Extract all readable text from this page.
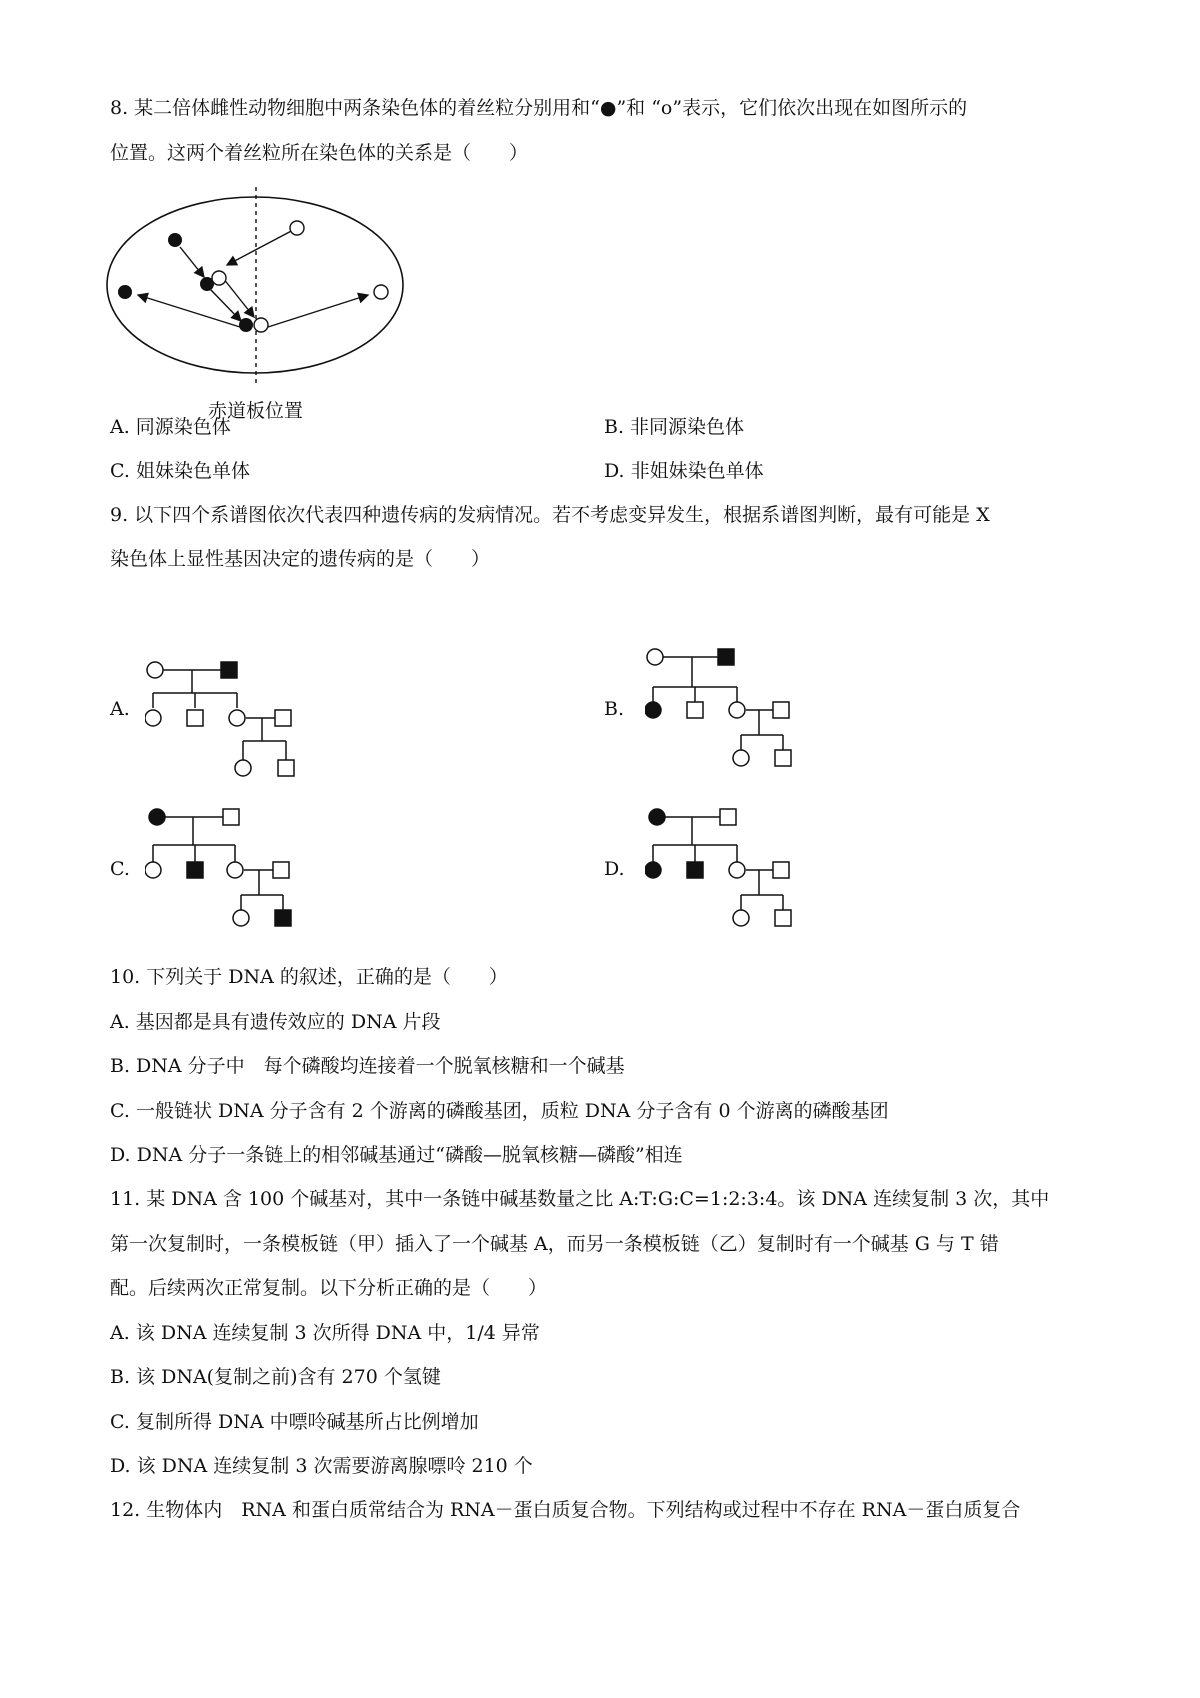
8. 某二倍体雌性动物细胞中两条染色体的着丝粒分别用和“●”和 “o”表示，它们依次出现在如图所示的
位置。这两个着丝粒所在染色体的关系是（　　）
赤道板位置
A. 同源染色体	B. 非同源染色体
C. 姐妹染色单体	D. 非姐妹染色单体
9. 以下四个系谱图依次代表四种遗传病的发病情况。若不考虑变异发生，根据系谱图判断，最有可能是 X
染色体上显性基因决定的遗传病的是（　　）
A.	B.
C.	D.
10. 下列关于 DNA 的叙述，正确的是（　　）
A. 基因都是具有遗传效应的 DNA 片段
B. DNA 分子中　每个磷酸均连接着一个脱氧核糖和一个碱基
C. 一般链状 DNA 分子含有 2 个游离的磷酸基团，质粒 DNA 分子含有 0 个游离的磷酸基团
D. DNA 分子一条链上的相邻碱基通过“磷酸—脱氧核糖—磷酸”相连
11. 某 DNA 含 100 个碱基对，其中一条链中碱基数量之比 A:T:G:C=1:2:3:4。该 DNA 连续复制 3 次，其中
第一次复制时，一条模板链（甲）插入了一个碱基 A，而另一条模板链（乙）复制时有一个碱基 G 与 T 错
配。后续两次正常复制。以下分析正确的是（　　）
A. 该 DNA 连续复制 3 次所得 DNA 中，1/4 异常
B. 该 DNA(复制之前)含有 270 个氢键
C. 复制所得 DNA 中嘌呤碱基所占比例增加
D. 该 DNA 连续复制 3 次需要游离腺嘌呤 210 个
12. 生物体内　RNA 和蛋白质常结合为 RNA－蛋白质复合物。下列结构或过程中不存在 RNA－蛋白质复合
